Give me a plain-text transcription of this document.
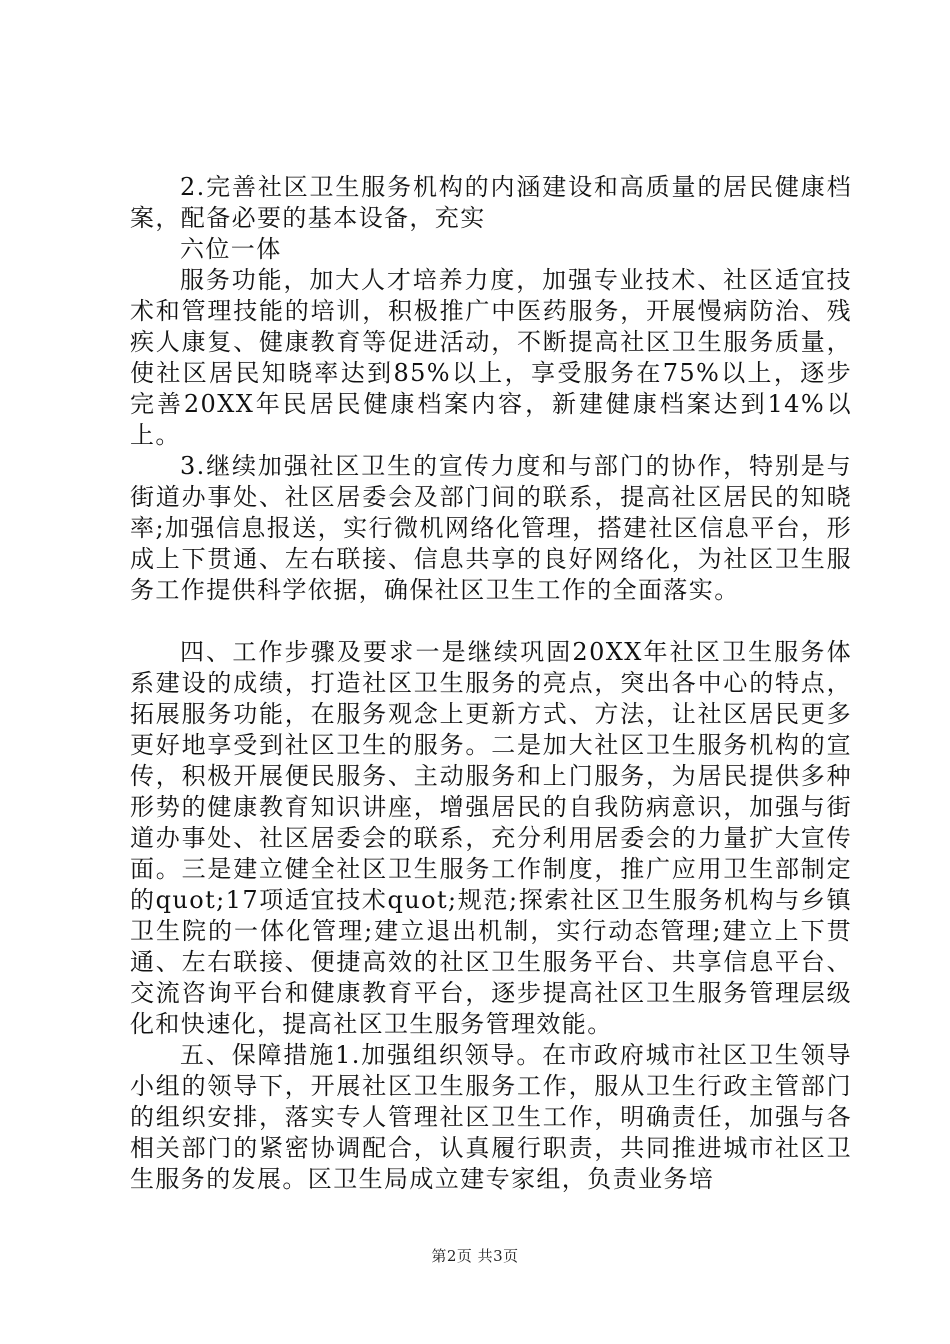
2.完善社区卫生服务机构的内涵建设和高质量的居民健康档案，配备必要的基本设备，充实

六位一体

服务功能，加大人才培养力度，加强专业技术、社区适宜技术和管理技能的培训，积极推广中医药服务，开展慢病防治、残疾人康复、健康教育等促进活动，不断提高社区卫生服务质量，使社区居民知晓率达到85%以上，享受服务在75%以上，逐步完善20XX年民居民健康档案内容，新建健康档案达到14%以上。

3.继续加强社区卫生的宣传力度和与部门的协作，特别是与街道办事处、社区居委会及部门间的联系，提高社区居民的知晓率;加强信息报送，实行微机网络化管理，搭建社区信息平台，形成上下贯通、左右联接、信息共享的良好网络化，为社区卫生服务工作提供科学依据，确保社区卫生工作的全面落实。

四、工作步骤及要求一是继续巩固20XX年社区卫生服务体系建设的成绩，打造社区卫生服务的亮点，突出各中心的特点，拓展服务功能，在服务观念上更新方式、方法，让社区居民更多更好地享受到社区卫生的服务。二是加大社区卫生服务机构的宣传，积极开展便民服务、主动服务和上门服务，为居民提供多种形势的健康教育知识讲座，增强居民的自我防病意识，加强与街道办事处、社区居委会的联系，充分利用居委会的力量扩大宣传面。三是建立健全社区卫生服务工作制度，推广应用卫生部制定的quot;17项适宜技术quot;规范;探索社区卫生服务机构与乡镇卫生院的一体化管理;建立退出机制，实行动态管理;建立上下贯通、左右联接、便捷高效的社区卫生服务平台、共享信息平台、交流咨询平台和健康教育平台，逐步提高社区卫生服务管理层级化和快速化，提高社区卫生服务管理效能。

五、保障措施1.加强组织领导。在市政府城市社区卫生领导小组的领导下，开展社区卫生服务工作，服从卫生行政主管部门的组织安排，落实专人管理社区卫生工作，明确责任，加强与各相关部门的紧密协调配合，认真履行职责，共同推进城市社区卫生服务的发展。区卫生局成立建专家组，负责业务培

第2页 共3页
